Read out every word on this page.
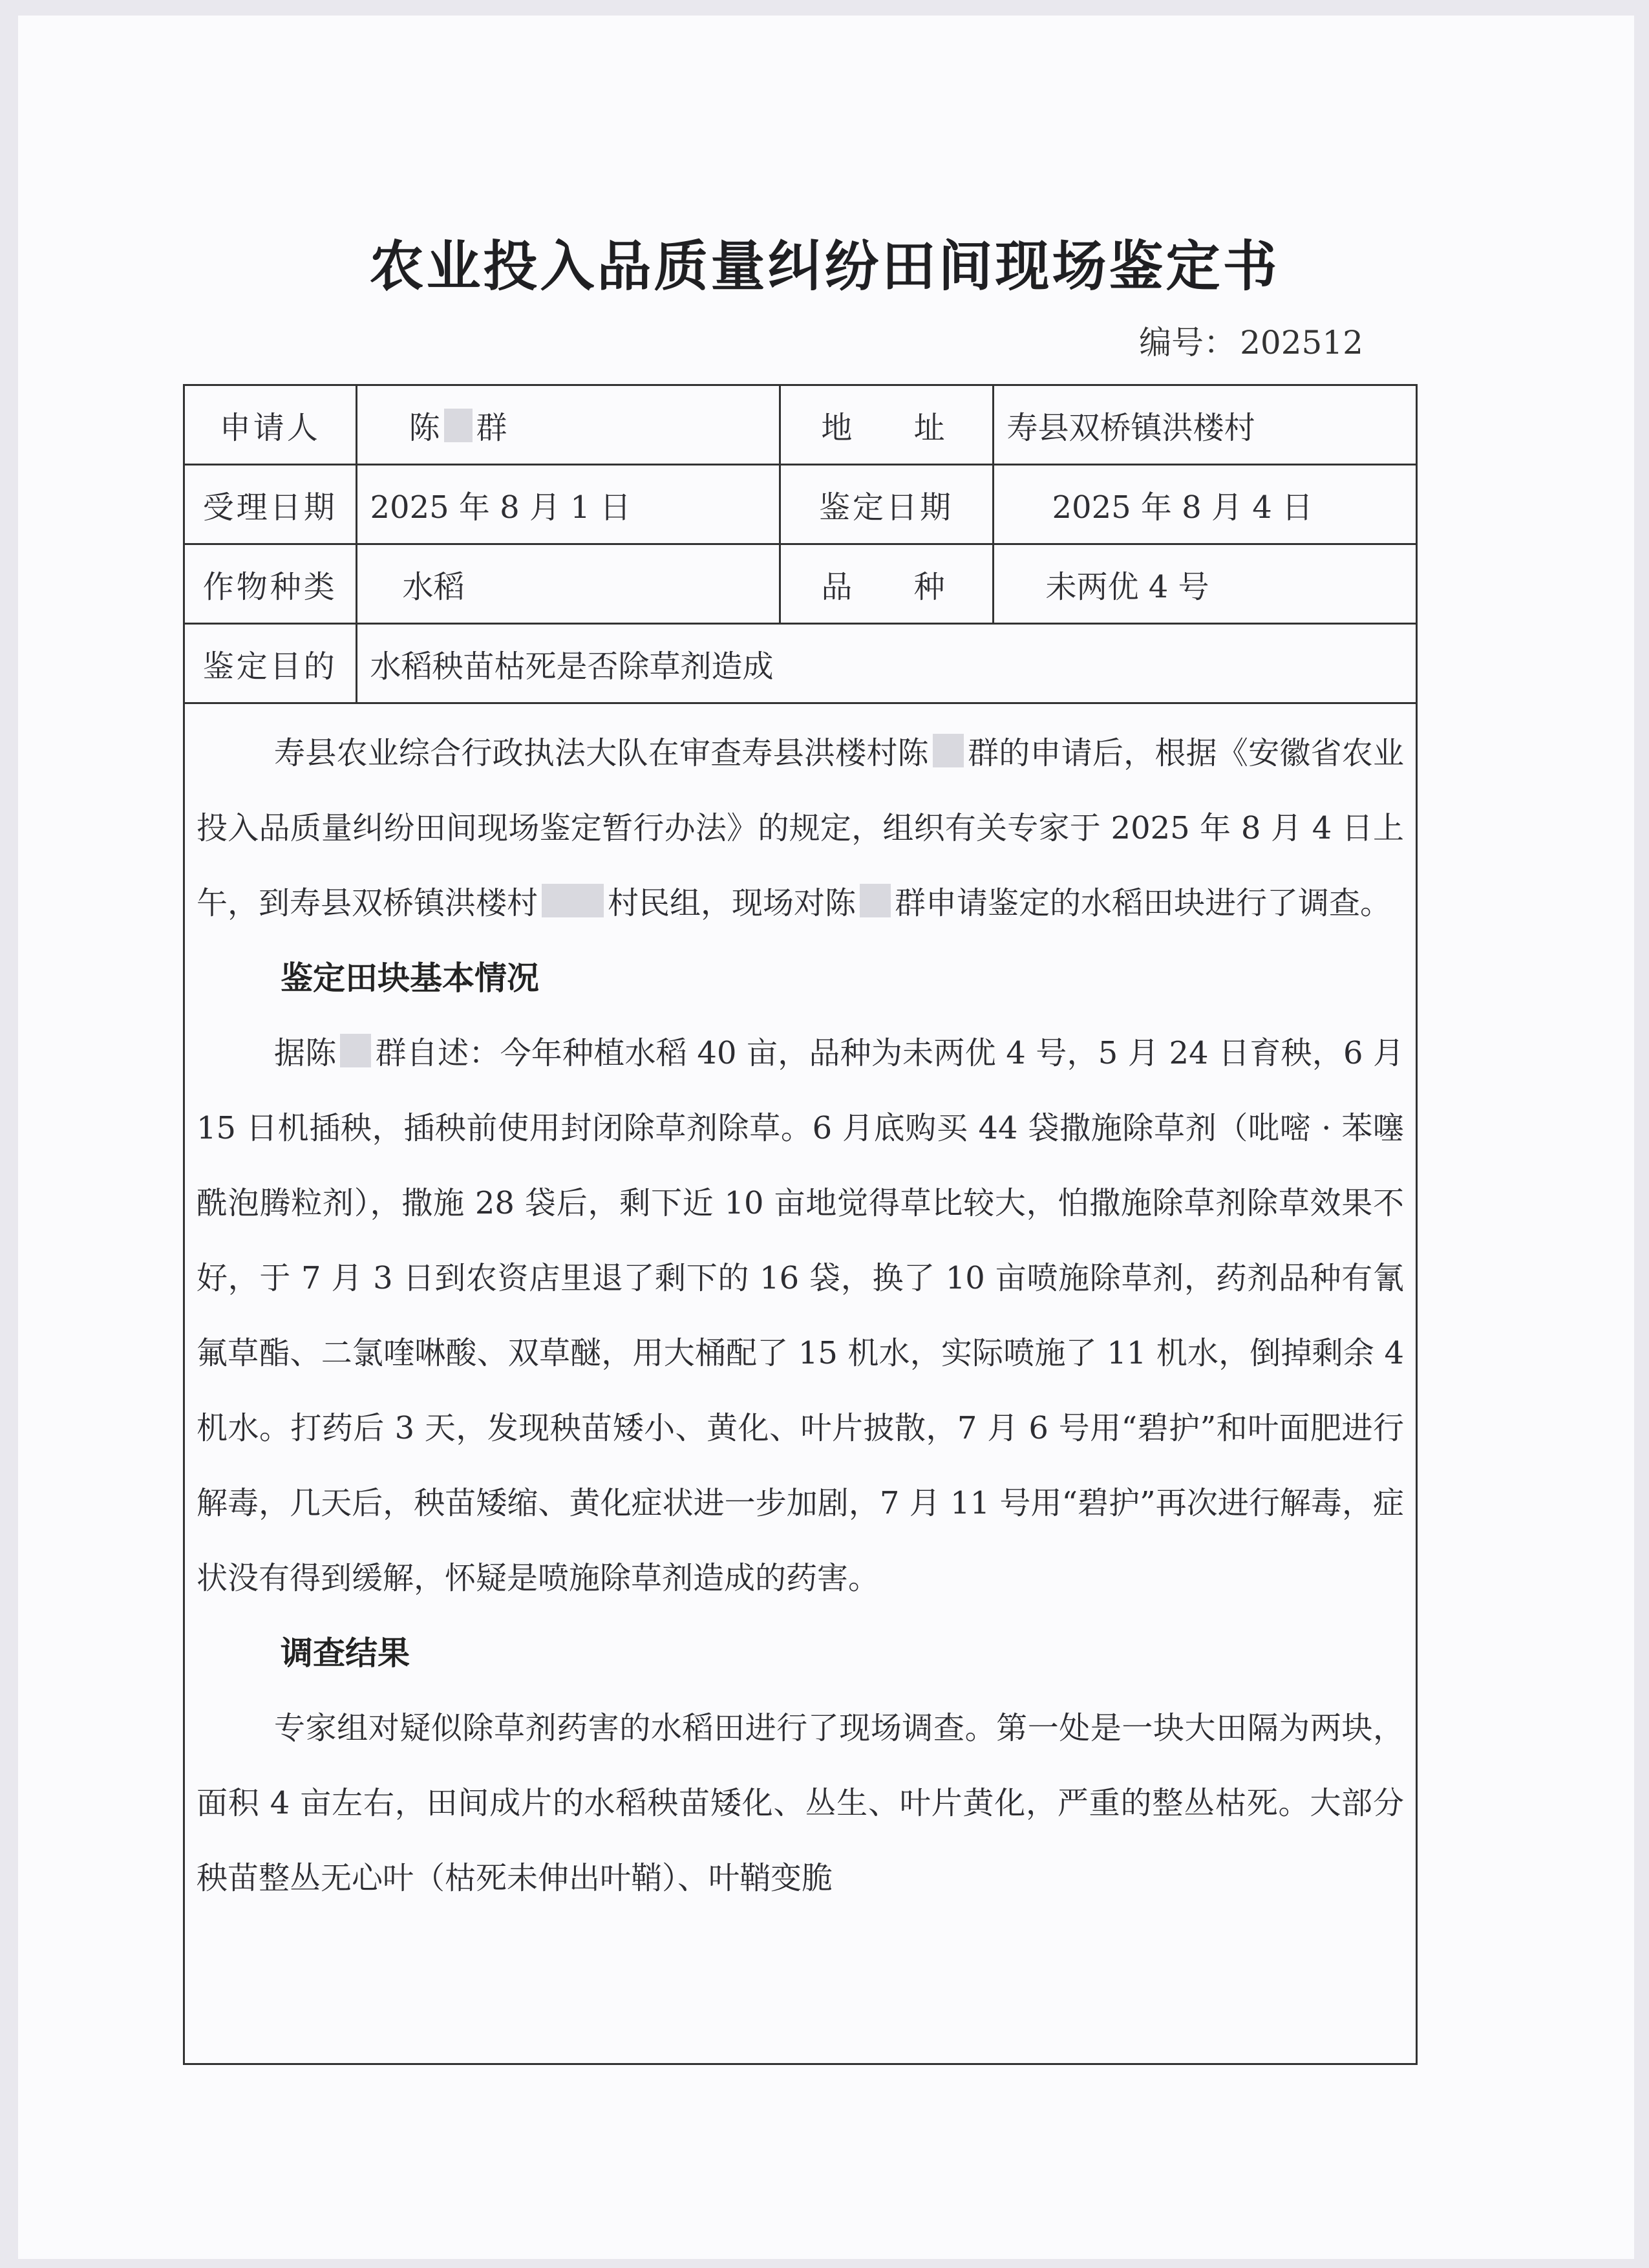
农业投入品质量纠纷田间现场鉴定书
编号： 202512
申请人	陈 群	地 址	寿县双桥镇洪楼村
受理日期	2025 年 8 月 1 日	鉴定日期	2025 年 8 月 4 日
作物种类	水稻	品 种	未两优 4 号
鉴定目的	水稻秧苗枯死是否除草剂造成		

寿县农业综合行政执法大队在审查寿县洪楼村陈 群的申请后，根据《安徽省农业投入品质量纠纷田间现场鉴定暂行办法》的规定，组织有关专家于 2025 年 8 月 4 日上午，到寿县双桥镇洪楼村 村民组，现场对陈 群申请鉴定的水稻田块进行了调查。

鉴定田块基本情况

据陈 群自述：今年种植水稻 40 亩，品种为未两优 4 号，5 月 24 日育秧，6 月 15 日机插秧，插秧前使用封闭除草剂除草。6 月底购买 44 袋撒施除草剂（吡嘧 · 苯噻酰泡腾粒剂），撒施 28 袋后，剩下近 10 亩地觉得草比较大，怕撒施除草剂除草效果不好，于 7 月 3 日到农资店里退了剩下的 16 袋，换了 10 亩喷施除草剂，药剂品种有氰氟草酯、二氯喹啉酸、双草醚，用大桶配了 15 机水，实际喷施了 11 机水，倒掉剩余 4 机水。打药后 3 天，发现秧苗矮小、黄化、叶片披散，7 月 6 号用“碧护”和叶面肥进行解毒，几天后，秧苗矮缩、黄化症状进一步加剧，7 月 11 号用“碧护”再次进行解毒，症状没有得到缓解，怀疑是喷施除草剂造成的药害。

调查结果

专家组对疑似除草剂药害的水稻田进行了现场调查。第一处是一块大田隔为两块，面积 4 亩左右，田间成片的水稻秧苗矮化、丛生、叶片黄化，严重的整丛枯死。大部分秧苗整丛无心叶（枯死未伸出叶鞘）、叶鞘变脆
